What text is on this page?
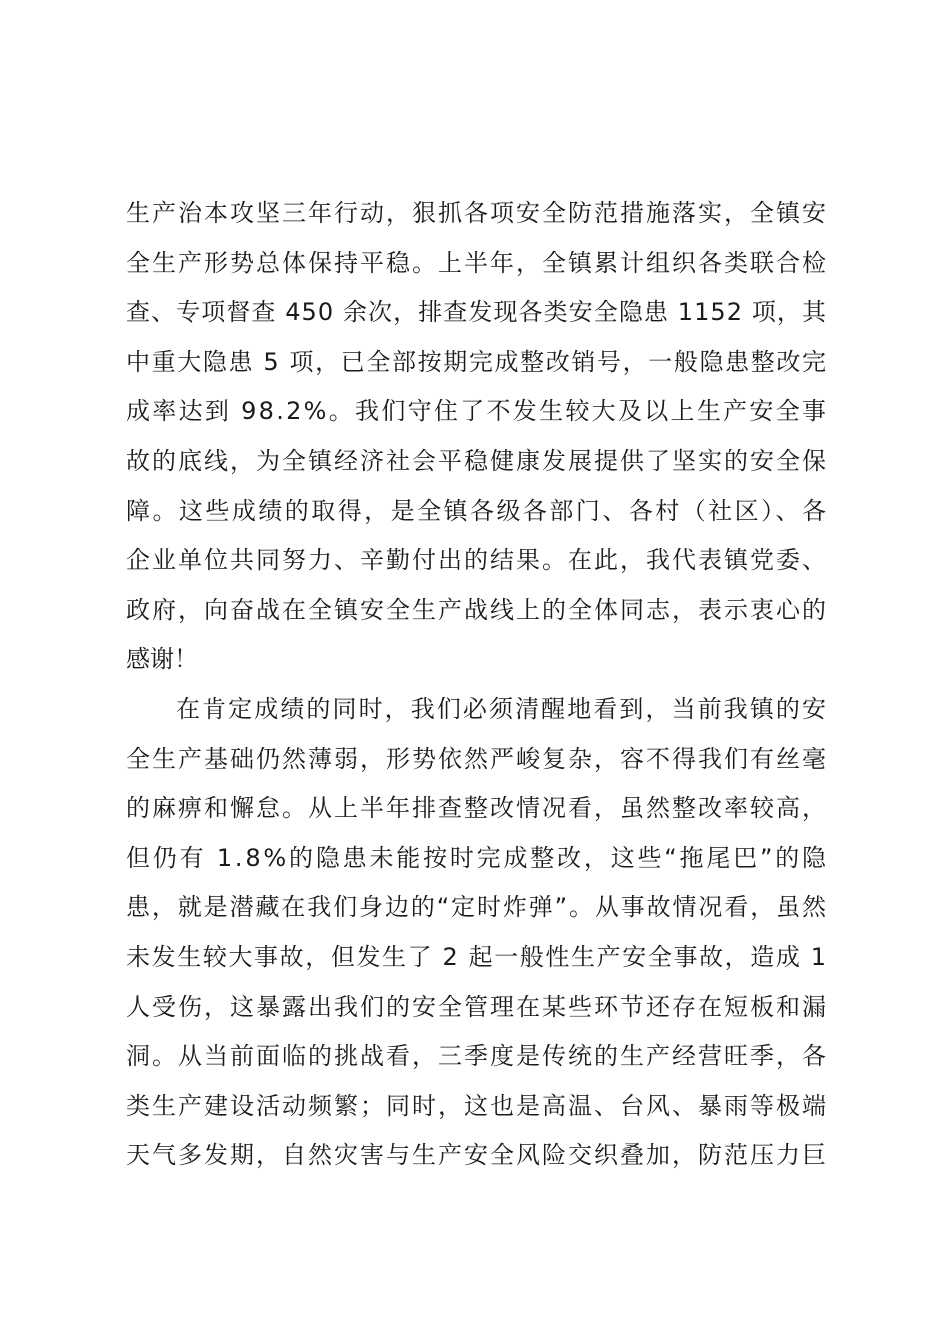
生产治本攻坚三年行动，狠抓各项安全防范措施落实，全镇安
全生产形势总体保持平稳。上半年，全镇累计组织各类联合检
查、专项督查 450 余次，排查发现各类安全隐患 1152 项，其
中重大隐患 5 项，已全部按期完成整改销号，一般隐患整改完
成率达到 98.2%。我们守住了不发生较大及以上生产安全事
故的底线，为全镇经济社会平稳健康发展提供了坚实的安全保
障。这些成绩的取得，是全镇各级各部门、各村（社区）、各
企业单位共同努力、辛勤付出的结果。在此，我代表镇党委、
政府，向奋战在全镇安全生产战线上的全体同志，表示衷心的
感谢！
在肯定成绩的同时，我们必须清醒地看到，当前我镇的安
全生产基础仍然薄弱，形势依然严峻复杂，容不得我们有丝毫
的麻痹和懈怠。从上半年排查整改情况看，虽然整改率较高，
但仍有 1.8%的隐患未能按时完成整改，这些“拖尾巴”的隐
患，就是潜藏在我们身边的“定时炸弹”。从事故情况看，虽然
未发生较大事故，但发生了 2 起一般性生产安全事故，造成 1
人受伤，这暴露出我们的安全管理在某些环节还存在短板和漏
洞。从当前面临的挑战看，三季度是传统的生产经营旺季，各
类生产建设活动频繁；同时，这也是高温、台风、暴雨等极端
天气多发期，自然灾害与生产安全风险交织叠加，防范压力巨
